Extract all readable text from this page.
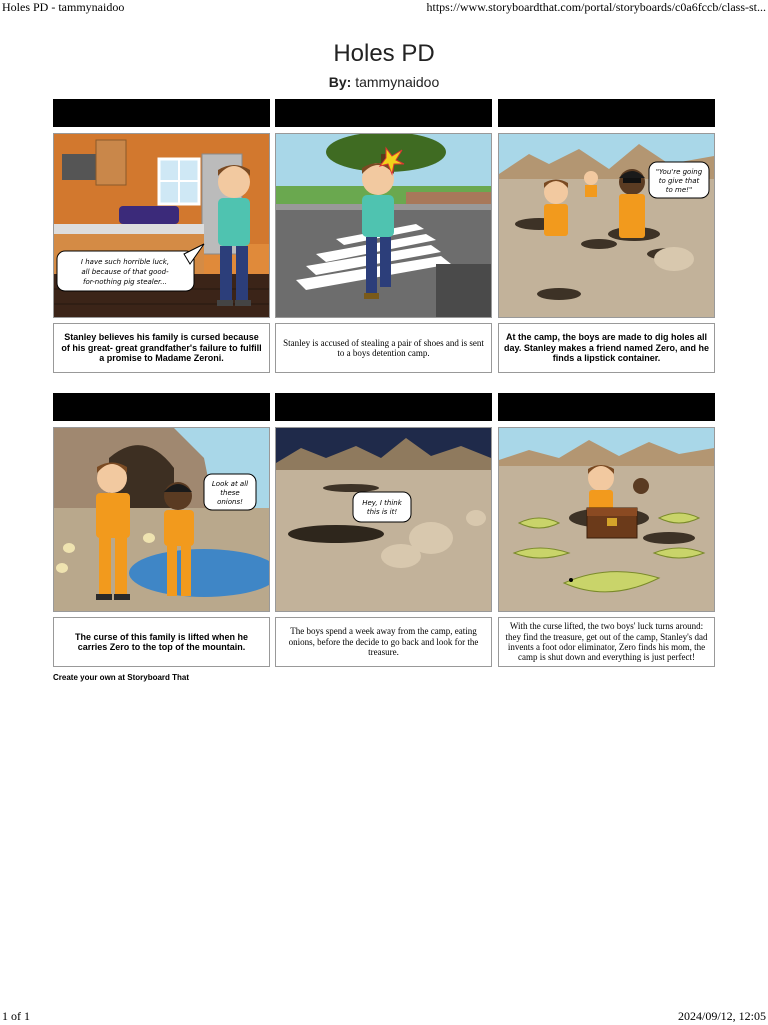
Holes PD - tammynaidoo	https://www.storyboardthat.com/portal/storyboards/c0a6fccb/class-st...
Holes PD
By: tammynaidoo
I have such horrible luck,
all because of that good-
for-nothing pig stealer...
Stanley believes his family is cursed because of his great- great grandfather's failure to fulfill a promise to Madame Zeroni.
Stanley is accused of stealing a pair of shoes and is sent to a boys detention camp.
"You're going
to give that
to me!"
At the camp, the boys are made to dig holes all day. Stanley makes a friend named Zero, and he finds a lipstick container.
Look at all
these
onions!
The curse of this family is lifted when he carries Zero to the top of the mountain.
Hey, I think
this is it!
The boys spend a week away from the camp, eating onions, before the decide to go back and look for the treasure.
With the curse lifted, the two boys' luck turns around: they find the treasure, get out of the camp, Stanley's dad invents a foot odor eliminator, Zero finds his mom, the camp is shut down and everything is just perfect!
Create your own at Storyboard That
1 of 1	2024/09/12, 12:05
